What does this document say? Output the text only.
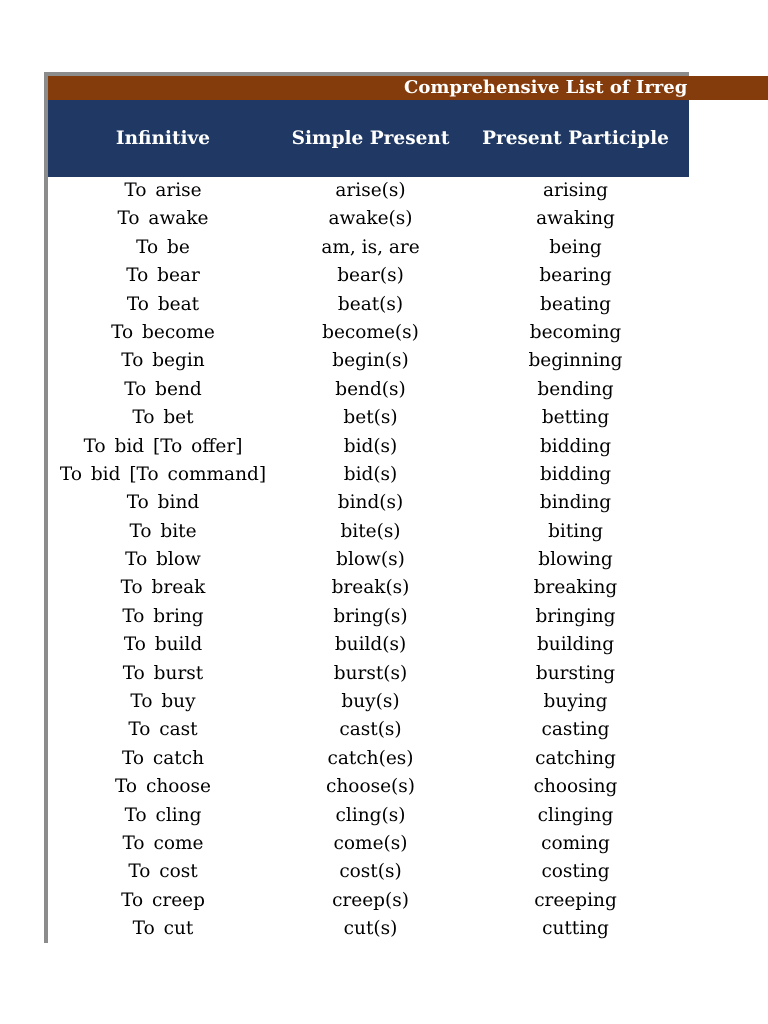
Comprehensive List of Irreg
Infinitive	Simple Present	Present Participle
To arise	arise(s)	arising
To awake	awake(s)	awaking
To be	am, is, are	being
To bear	bear(s)	bearing
To beat	beat(s)	beating
To become	become(s)	becoming
To begin	begin(s)	beginning
To bend	bend(s)	bending
To bet	bet(s)	betting
To bid [To offer]	bid(s)	bidding
To bid [To command]	bid(s)	bidding
To bind	bind(s)	binding
To bite	bite(s)	biting
To blow	blow(s)	blowing
To break	break(s)	breaking
To bring	bring(s)	bringing
To build	build(s)	building
To burst	burst(s)	bursting
To buy	buy(s)	buying
To cast	cast(s)	casting
To catch	catch(es)	catching
To choose	choose(s)	choosing
To cling	cling(s)	clinging
To come	come(s)	coming
To cost	cost(s)	costing
To creep	creep(s)	creeping
To cut	cut(s)	cutting
